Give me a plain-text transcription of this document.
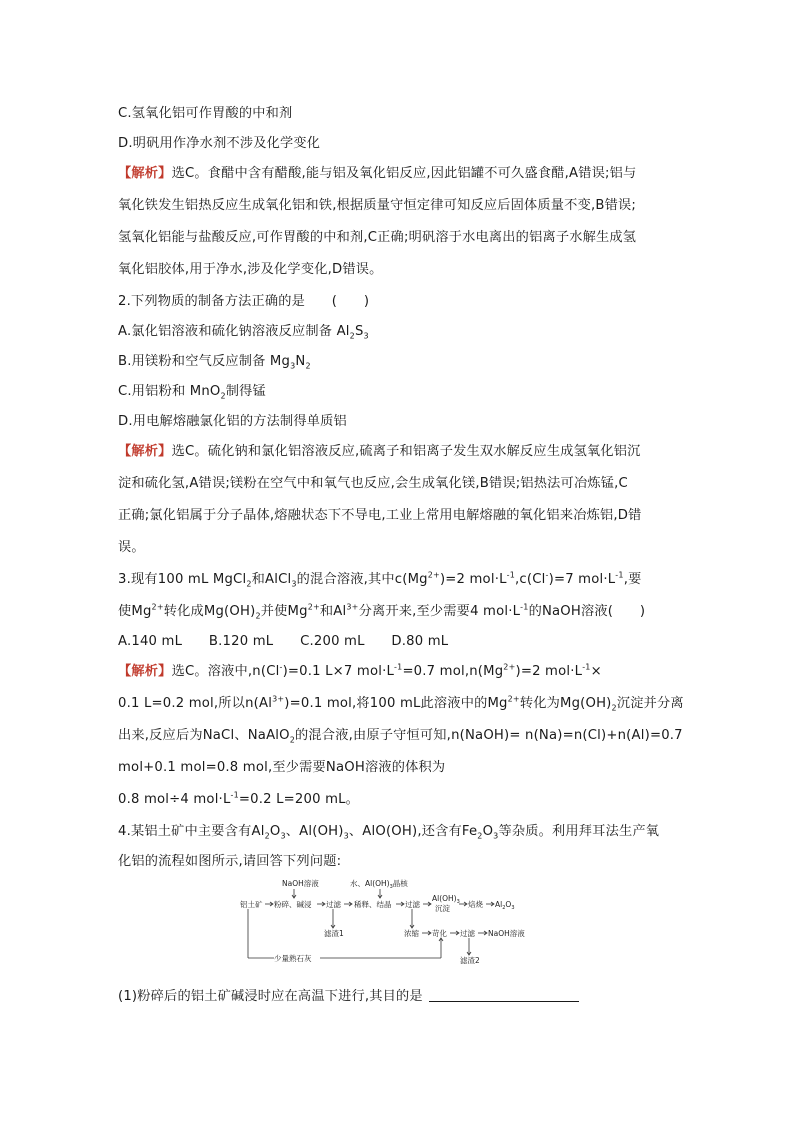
C.氢氧化铝可作胃酸的中和剂
D.明矾用作净水剂不涉及化学变化
【解析】选C。食醋中含有醋酸,能与铝及氧化铝反应,因此铝罐不可久盛食醋,A错误;铝与
氧化铁发生铝热反应生成氧化铝和铁,根据质量守恒定律可知反应后固体质量不变,B错误;
氢氧化铝能与盐酸反应,可作胃酸的中和剂,C正确;明矾溶于水电离出的铝离子水解生成氢
氧化铝胶体,用于净水,涉及化学变化,D错误。
2.下列物质的制备方法正确的是　　(　　)
A.氯化铝溶液和硫化钠溶液反应制备 $Al_2S_3$
B.用镁粉和空气反应制备 $Mg_3N_2$
C.用铝粉和 MnO$_2$制得锰
D.用电解熔融氯化铝的方法制得单质铝
【解析】选C。硫化钠和氯化铝溶液反应,硫离子和铝离子发生双水解反应生成氢氧化铝沉
淀和硫化氢,A错误;镁粉在空气中和氧气也反应,会生成氧化镁,B错误;铝热法可冶炼锰,C
正确;氯化铝属于分子晶体,熔融状态下不导电,工业上常用电解熔融的氧化铝来冶炼铝,D错
误。
3.现有100 mL MgCl$_2$和AlCl$_3$的混合溶液,其中$c(Mg^{2+})=2$ $mol\cdot L^{-1},c(Cl^-)=7$ $mol\cdot L^{-1}$,要
使$Mg^{2+}$转化成$Mg(OH)_2$并使$Mg^{2+}$和$Al^{3+}$分离开来,至少需要4 $mol\cdot L^{-1}$的NaOH溶液(　　)
A.140 mL　　B.120 mL　　C.200 mL　　D.80 mL
【解析】选C。溶液中,n(Cl-)=0.1 L×7 $mol\cdot L^{-1}=0.7$ $mol,n(Mg^{2+})=2$ $mol\cdot L^{-1}\times$
0.1 L=0.2 mol,所以$n(Al^{3+})=0.1$ mol,将100 mL此溶液中的$Mg^{2+}$转化为$Mg(OH)_2$沉淀并分离
出来,反应后为NaCl、NaAlO$_2$的混合液,由原子守恒可知,n(NaOH)= n(Na)=n(Cl)+n(Al)=0.7
mol+0.1 mol=0.8 mol,至少需要NaOH溶液的体积为
0.8 mol÷4 $mol\cdot L^{-1}=0.2$ L=200 mL。
4.某铝土矿中主要含有$Al_2O_3$、$Al(OH)_3$、AlO(OH),还含有$Fe_2O_3$等杂质。利用拜耳法生产氧
化铝的流程如图所示,请回答下列问题:
NaOH溶液	水、$Al(OH)_3$晶核
铝土矿 粉碎、碱浸 过滤 稀释、结晶 过滤
$Al(OH)_3$
沉淀 焙烧 $Al_2O_3$
滤渣1	浓缩 苛化 过滤 NaOH溶液
滤渣2
少量熟石灰
(1)粉碎后的铝土矿碱浸时应在高温下进行,其目的是
